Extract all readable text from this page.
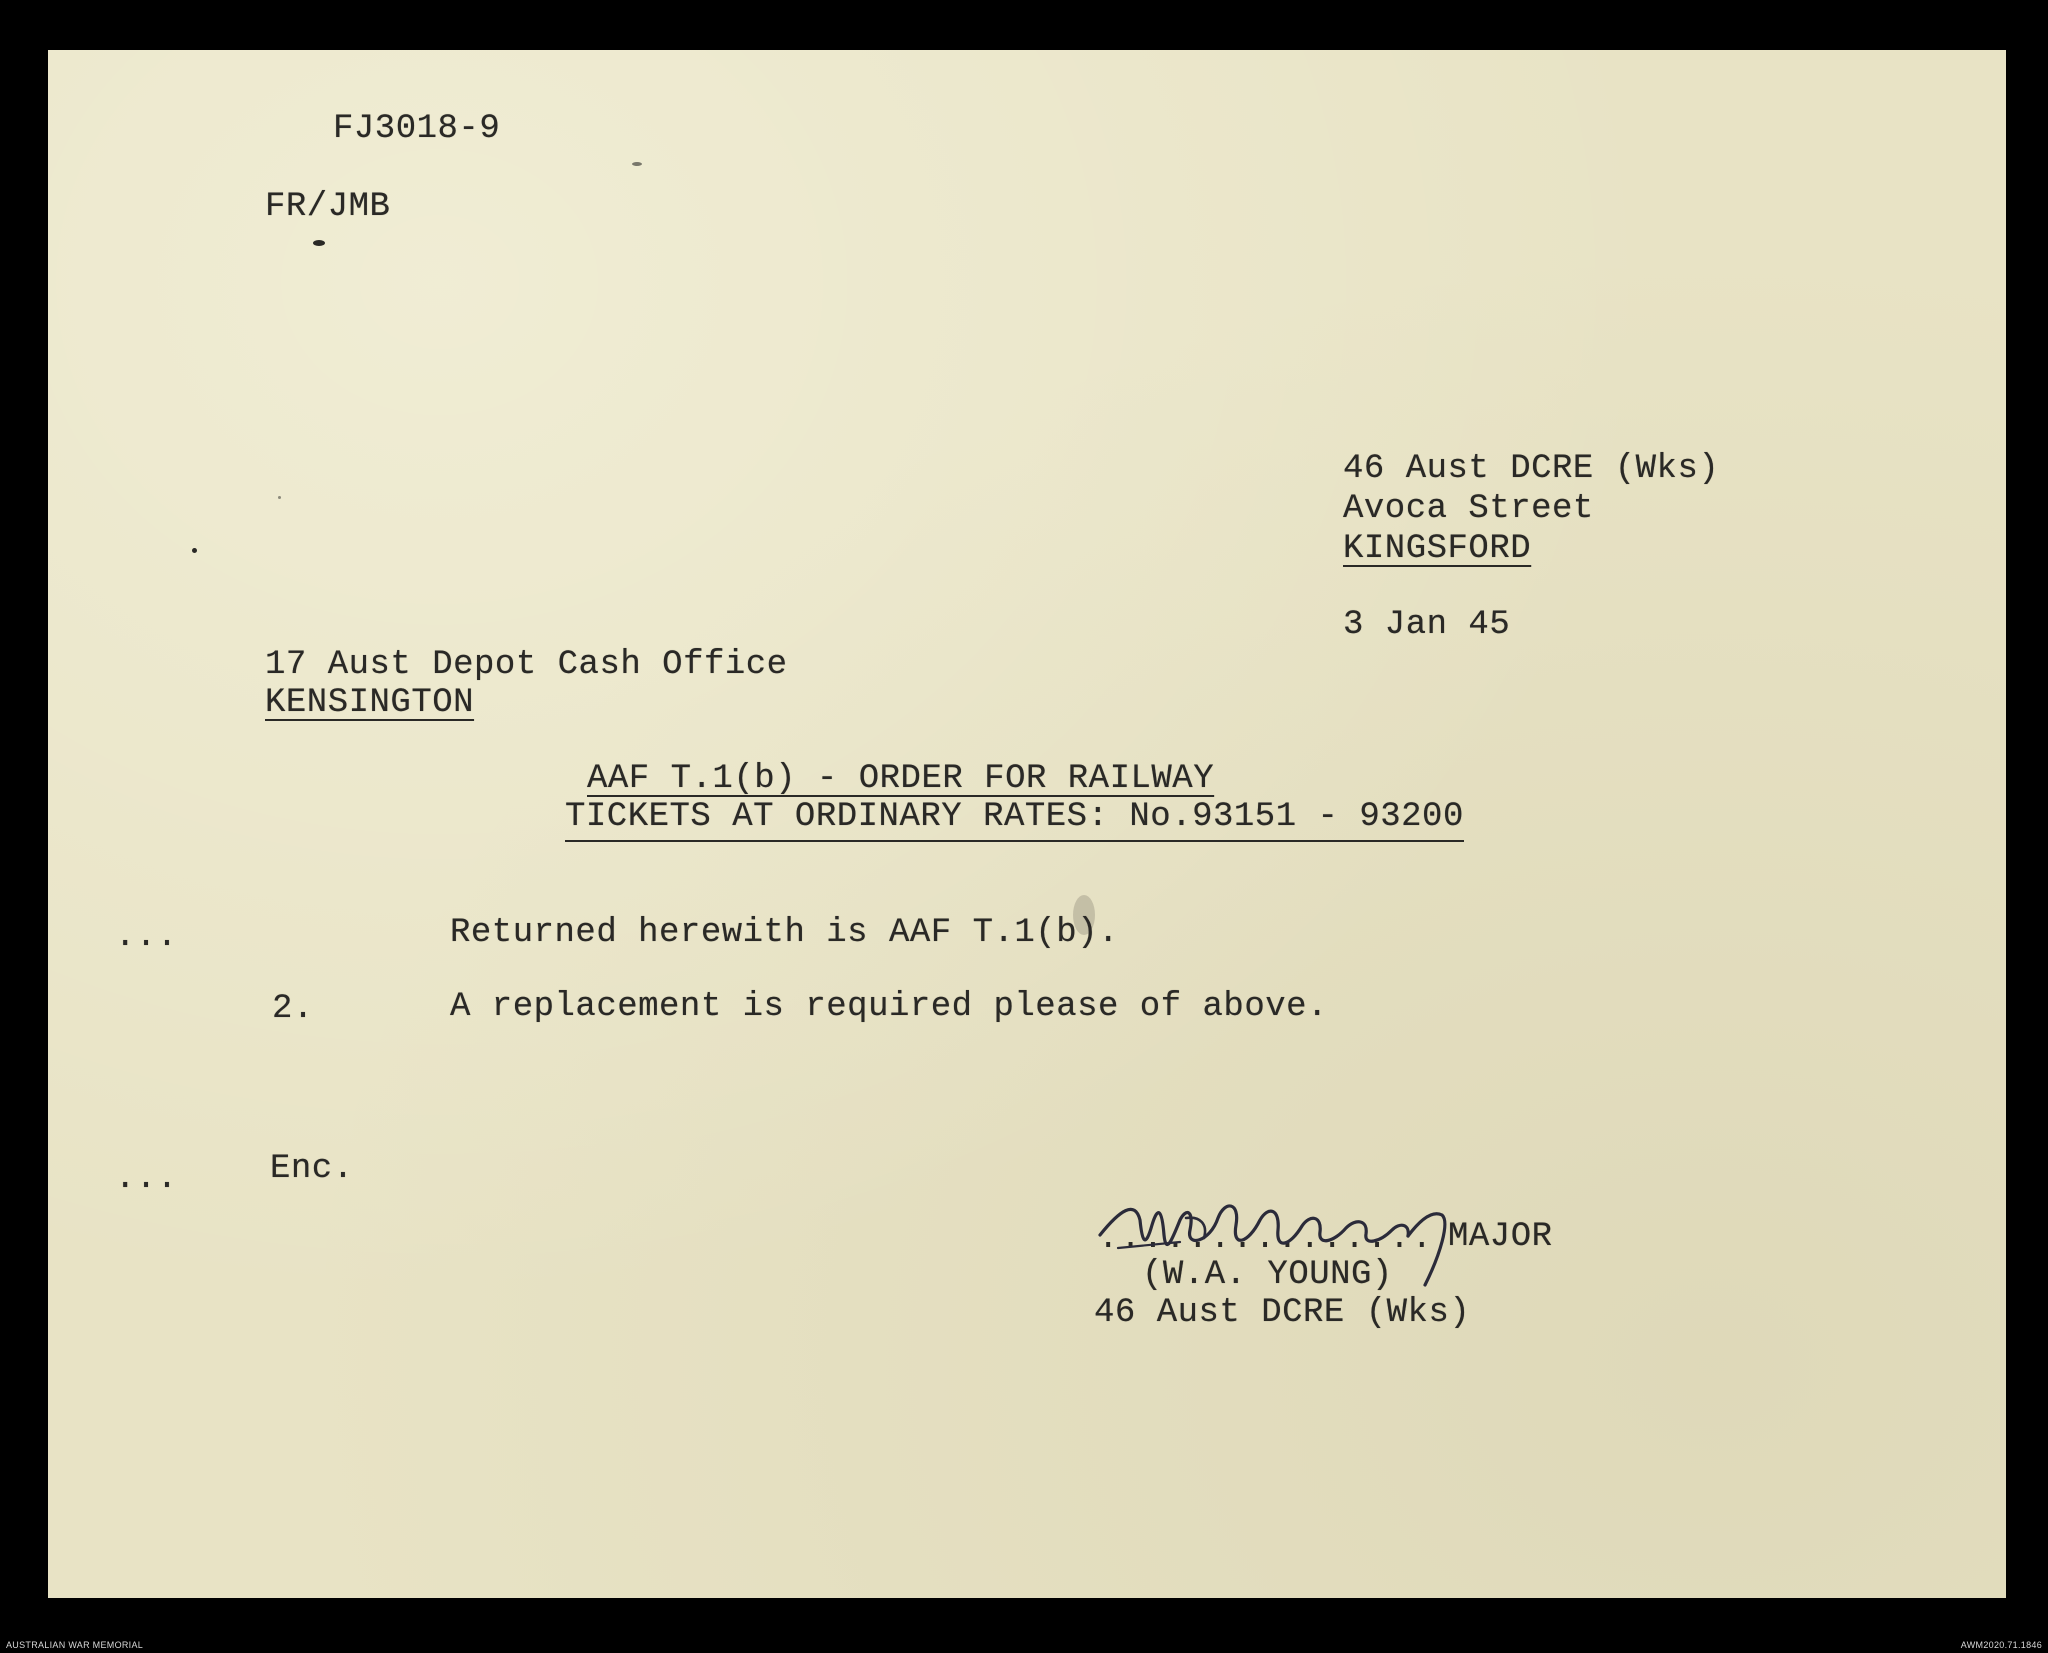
FJ3018-9
FR/JMB
46 Aust DCRE (Wks)
Avoca Street
KINGSFORD
3 Jan 45
17 Aust Depot Cash Office
KENSINGTON
AAF T.1(b) - ORDER FOR RAILWAY
TICKETS AT ORDINARY RATES: No.93151 - 93200
...	Returned herewith is AAF T.1(b).
2.	A replacement is required please of above.
...	Enc.
............... MAJOR
(W.A. YOUNG)
46 Aust DCRE (Wks)
AUSTRALIAN WAR MEMORIAL	AWM2020.71.1846
